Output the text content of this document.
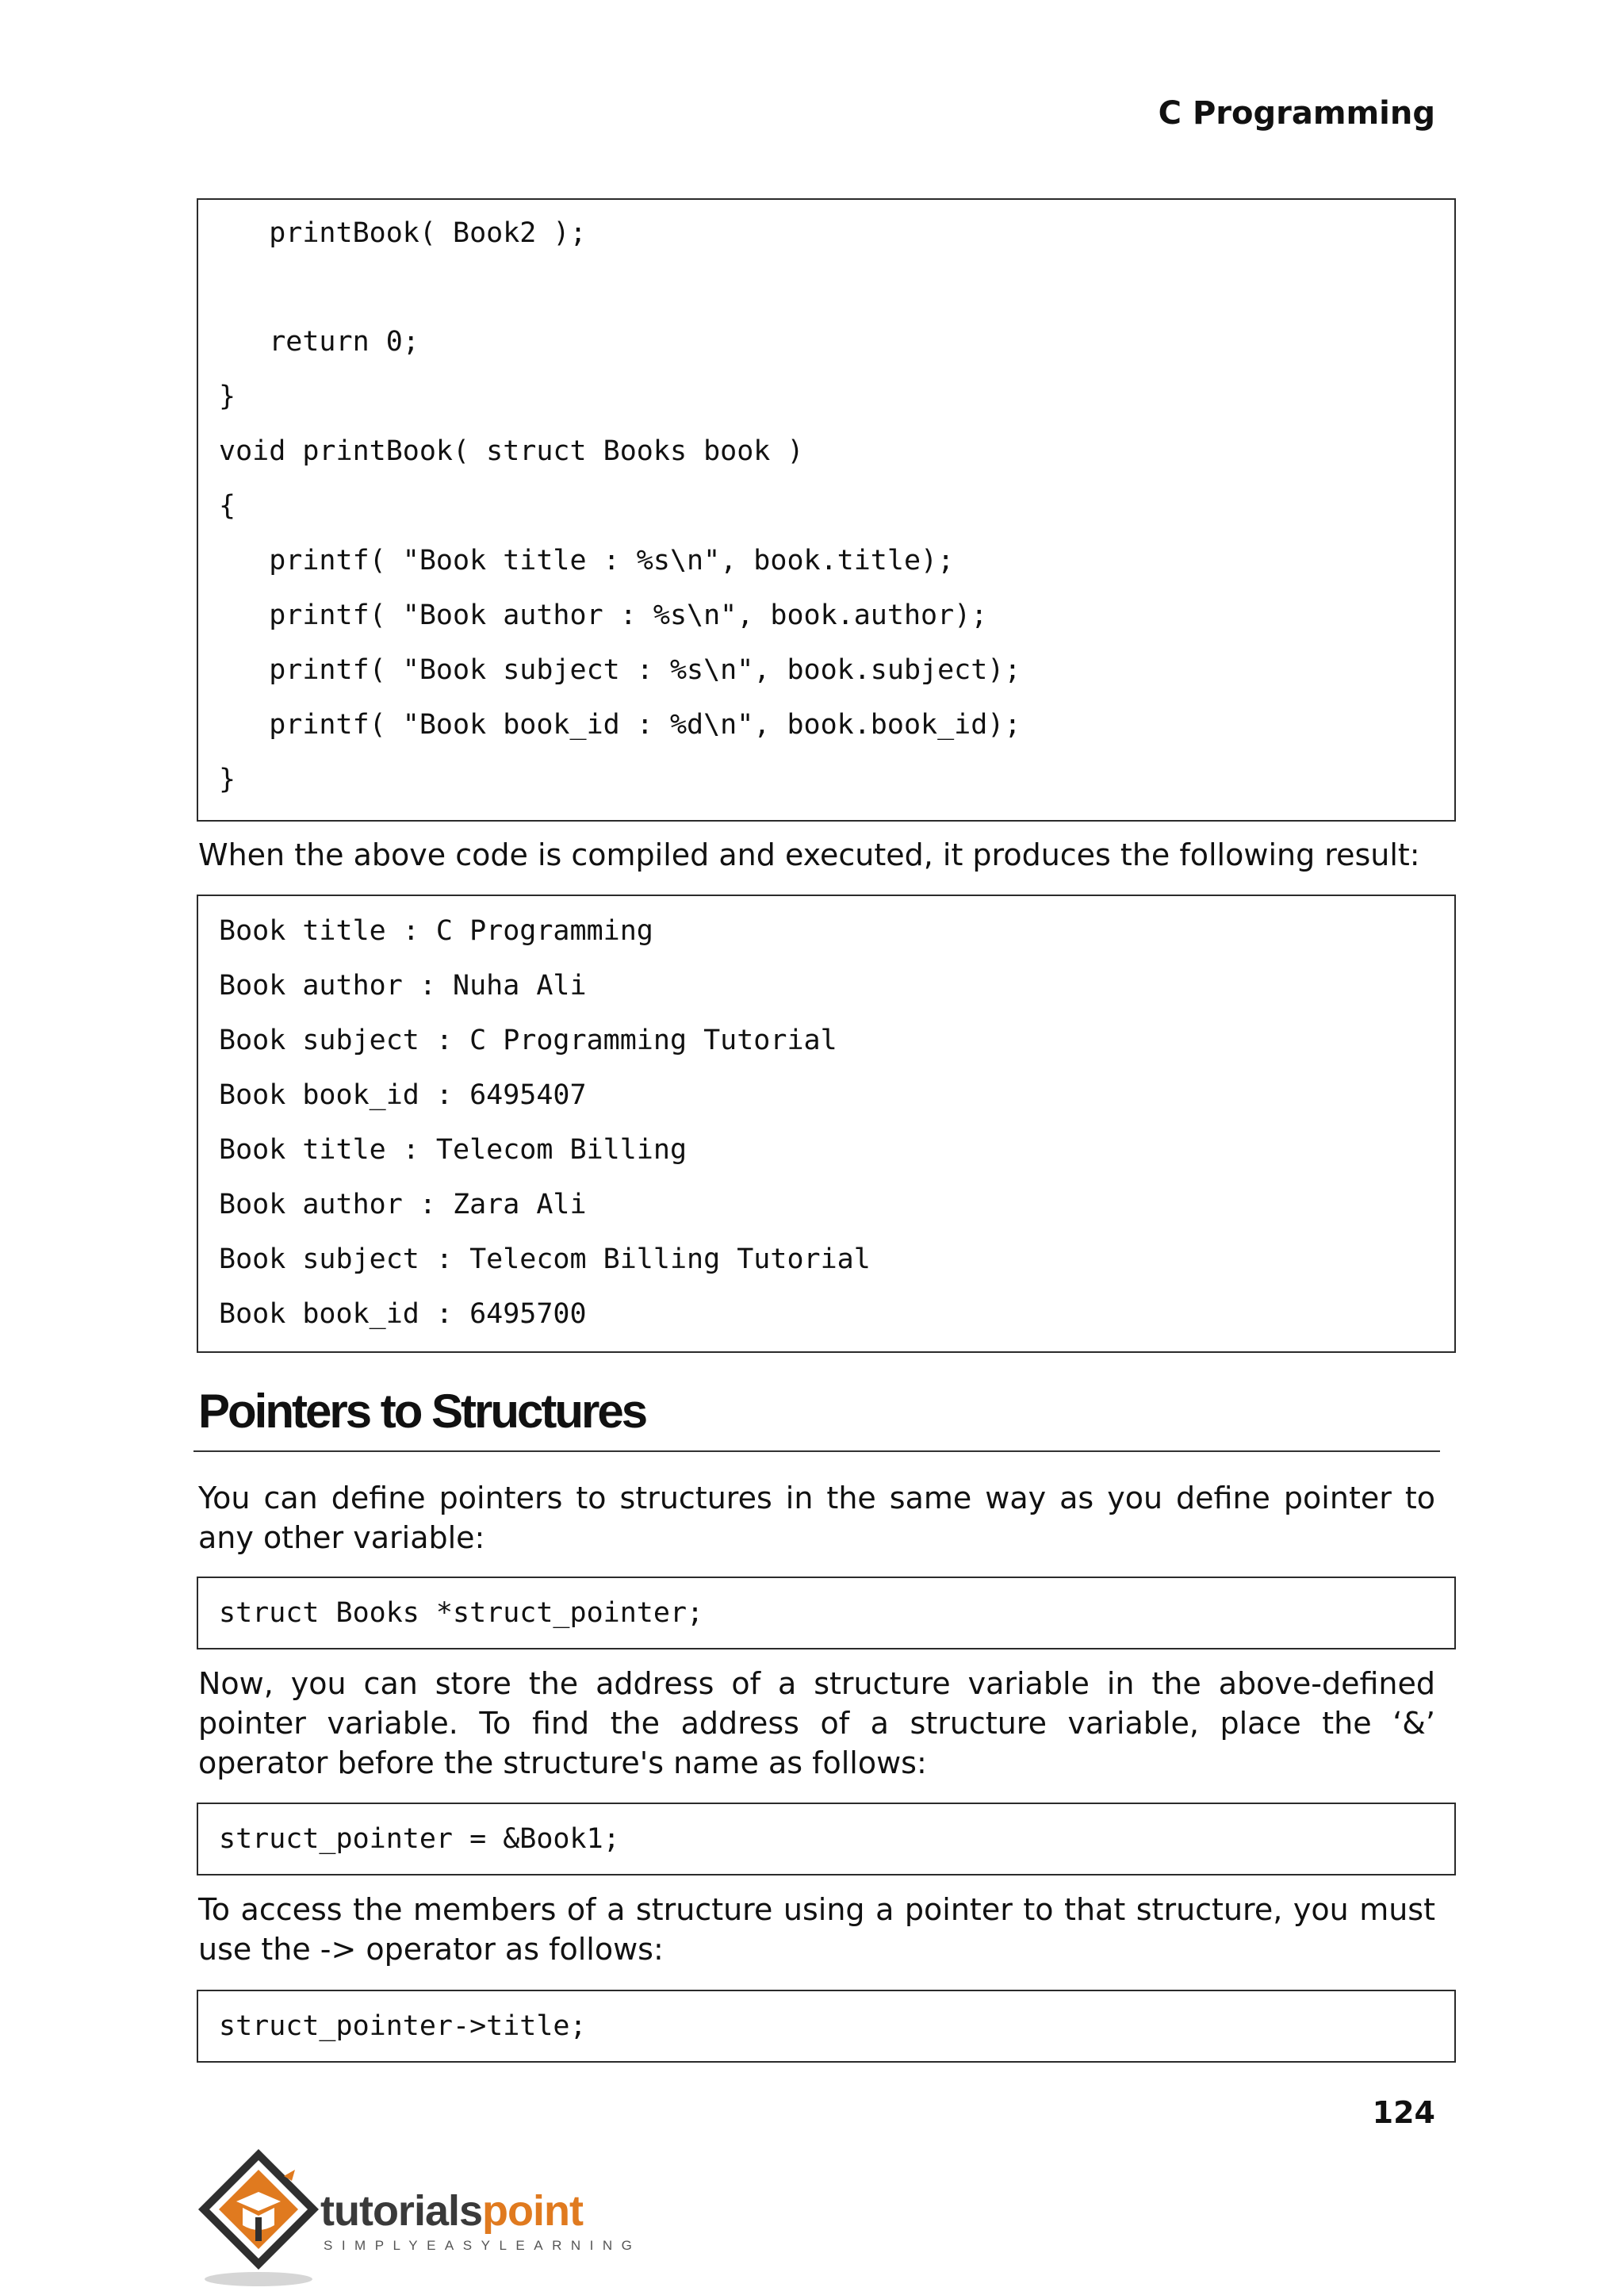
C Programming
printBook( Book2 );
return 0;
}
void printBook( struct Books book )
{
printf( "Book title : %s\n", book.title);
printf( "Book author : %s\n", book.author);
printf( "Book subject : %s\n", book.subject);
printf( "Book book_id : %d\n", book.book_id);
}
When the above code is compiled and executed, it produces the following result:
Book title : C Programming
Book author : Nuha Ali
Book subject : C Programming Tutorial
Book book_id : 6495407
Book title : Telecom Billing
Book author : Zara Ali
Book subject : Telecom Billing Tutorial
Book book_id : 6495700
Pointers to Structures
You can define pointers to structures in the same way as you define pointer to any other variable:
struct Books *struct_pointer;
Now, you can store the address of a structure variable in the above-defined pointer variable. To find the address of a structure variable, place the ‘&’ operator before the structure's name as follows:
struct_pointer = &Book1;
To access the members of a structure using a pointer to that structure, you must use the -> operator as follows:
struct_pointer->title;
124
tutorialspoint
SIMPLYEASYLEARNING
